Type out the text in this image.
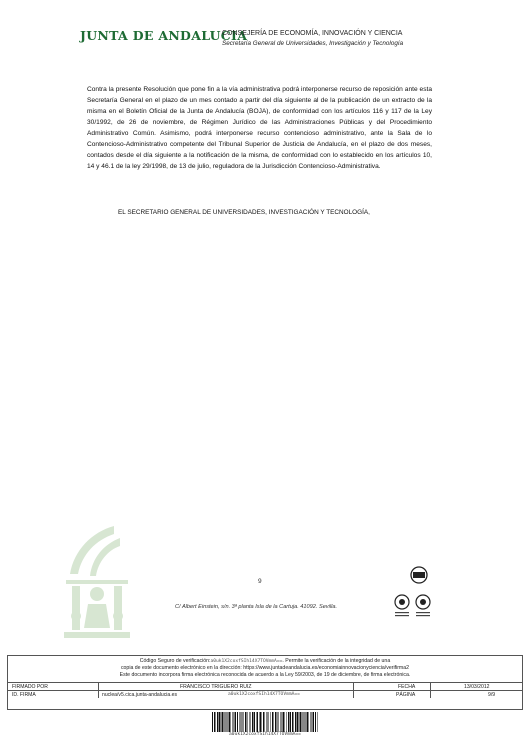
JUNTA DE ANDALUCIA
CONSEJERÍA DE ECONOMÍA, INNOVACIÓN Y CIENCIA
Secretaría General de Universidades, Investigación y Tecnología

Contra la presente Resolución que pone fin a la vía administrativa podrá interponerse recurso de reposición ante esta Secretaría General en el plazo de un mes contado a partir del día siguiente al de la publicación de un extracto de la misma en el Boletín Oficial de la Junta de Andalucía (BOJA), de conformidad con los artículos 116 y 117 de la Ley 30/1992, de 26 de noviembre, de Régimen Jurídico de las Administraciones Públicas y del Procedimiento Administrativo Común. Asimismo, podrá interponerse recurso contencioso administrativo, ante la Sala de lo Contencioso-Administrativo competente del Tribunal Superior de Justicia de Andalucía, en el plazo de dos meses, contados desde el día siguiente a la notificación de la misma, de conformidad con lo establecido en los artículos 10, 14 y 46.1 de la ley 29/1998, de 13 de julio, reguladora de la Jurisdicción Contencioso-Administrativa.

EL SECRETARIO GENERAL DE UNIVERSIDADES, INVESTIGACIÓN Y TECNOLOGÍA,
9
C/ Albert Einstein, s/n. 3ª planta Isla de la Cartuja. 41092. Sevilla.
Código Seguro de verificación:a0uk1X2coxfSIh14X7TOVmmA==. Permite la verificación de la integridad de una
copia de este documento electrónico en la dirección: https://www.juntadeandalucia.es/economiainnovacionyciencia/verifirma2
Este documento incorpora firma electrónica reconocida de acuerdo a la Ley 59/2003, de 19 de diciembre, de firma electrónica.
FIRMADO POR	FRANCISCO TRIGUERO RUIZ	FECHA	13/03/2012
ID. FIRMA	nuclea/v5.cica.junta-andalucia.es	a0uk1X2coxfSIh14X7TOVmmA==	PÁGINA	9/9
a0uk1X2coxfSIh14X7TOVmmA==
